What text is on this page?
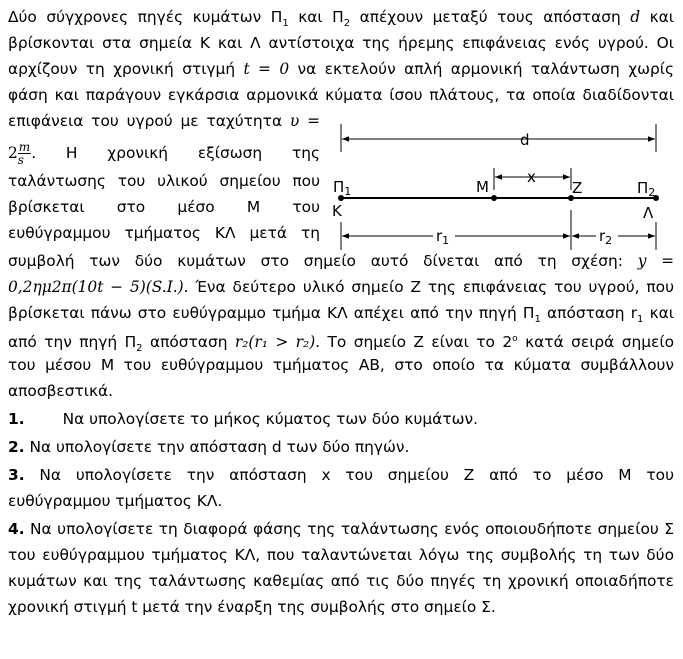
Δύο σύγχρονες πηγές κυμάτων $\Pi_1$ και $\Pi_2$ απέχουν μεταξύ τους απόσταση d και
βρίσκονται στα σημεία Κ και Λ αντίστοιχα της ήρεμης επιφάνειας ενός υγρού. Οι
αρχίζουν τη χρονική στιγμή t = 0 να εκτελούν απλή αρμονική ταλάντωση χωρίς
φάση και παράγουν εγκάρσια αρμονικά κύματα ίσου πλάτους, τα οποία διαδίδονται
επιφάνεια του υγρού με ταχύτητα υ =
$2 \frac{m}{s}$ . Η χρονική εξίσωση της
ταλάντωσης του υλικού σημείου που
βρίσκεται στο μέσο Μ του
ευθύγραμμου τμήματος ΚΛ μετά τη
συμβολή των δύο κυμάτων στο σημείο αυτό δίνεται από τη σχέση: y =
0,2ημ2π(10t − 5)(S.I.). Ένα δεύτερο υλικό σημείο Ζ της επιφάνειας του υγρού, που
βρίσκεται πάνω στο ευθύγραμμο τμήμα ΚΛ απέχει από την πηγή $\Pi_1$ απόσταση $r_1$ και
από την πηγή $\Pi_2$ απόσταση r₂(r₁ > r₂). Το σημείο Ζ είναι το $2^o$ κατά σειρά σημείο
του μέσου Μ του ευθύγραμμου τμήματος ΑΒ, στο οποίο τα κύματα συμβάλλουν
αποσβεστικά.
1. Να υπολογίσετε το μήκος κύματος των δύο κυμάτων.
2. Να υπολογίσετε την απόσταση d των δύο πηγών.
3. Να υπολογίσετε την απόσταση x του σημείου Ζ από το μέσο Μ του
ευθύγραμμου τμήματος ΚΛ.
4. Να υπολογίσετε τη διαφορά φάσης της ταλάντωσης ενός οποιουδήποτε σημείου Σ
του ευθύγραμμου τμήματος ΚΛ, που ταλαντώνεται λόγω της συμβολής τη των δύο
κυμάτων και της ταλάντωσης καθεμίας από τις δύο πηγές τη χρονική οποιαδήποτε
χρονική στιγμή t μετά την έναρξη της συμβολής στο σημείο Σ.
d
x
$\Pi_1$
K
M	Z	$\Pi_2$
Λ
$r_1$	$r_2$
